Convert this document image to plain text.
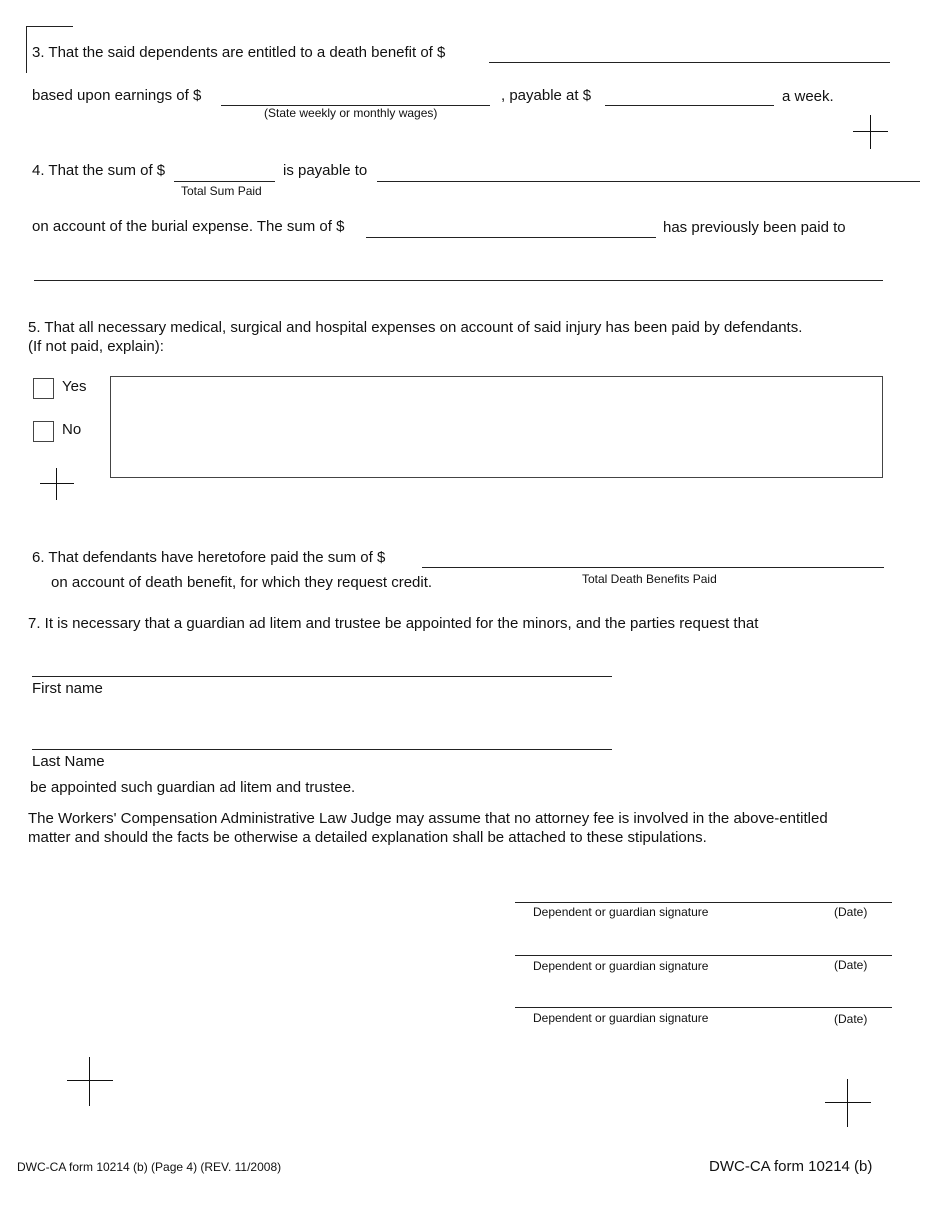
3. That the said dependents are entitled to a death benefit of $
based upon earnings of $
(State weekly or monthly wages)
, payable at $	a week.
4. That the sum of $
Total Sum Paid
is payable to
on account of the burial expense. The sum of $	has previously been paid to
5. That all necessary medical, surgical and hospital expenses on account of said injury has been paid by defendants.
(If not paid, explain):
Yes
No
6. That defendants have heretofore paid the sum of $
on account of death benefit, for which they request credit.	Total Death Benefits Paid
7. It is necessary that a guardian ad litem and trustee be appointed for the minors, and the parties request that
First name
Last Name
be appointed such guardian ad litem and trustee.
The Workers' Compensation Administrative Law Judge may assume that no attorney fee is involved in the above-entitled
matter and should the facts be otherwise a detailed explanation shall be attached to these stipulations.
Dependent or guardian signature	(Date)
Dependent or guardian signature	(Date)
Dependent or guardian signature	(Date)
DWC-CA form 10214 (b) (Page 4) (REV. 11/2008)	DWC-CA form 10214 (b)
